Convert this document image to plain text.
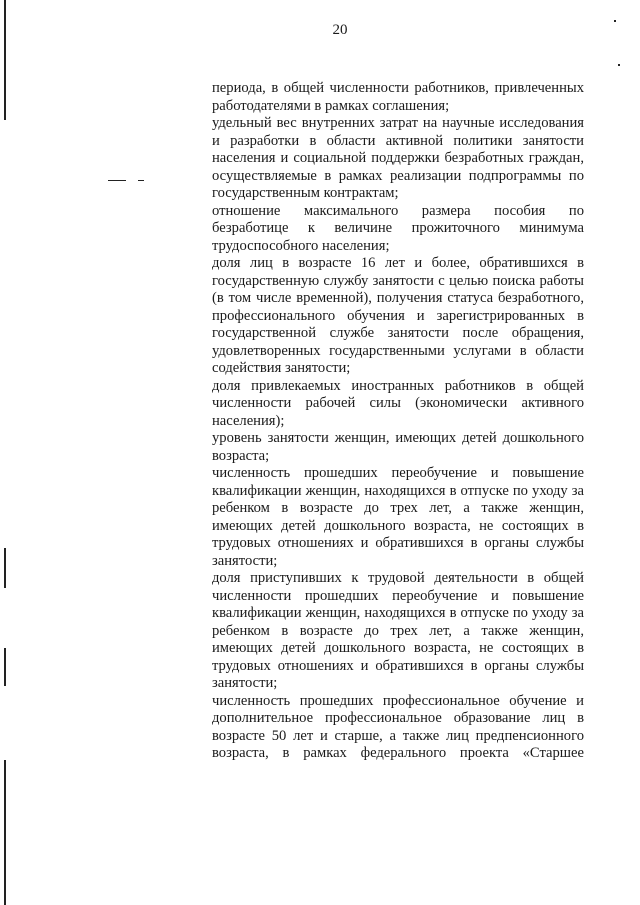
20

периода, в общей численности работников, привлеченных работодателями в рамках соглашения;

удельный вес внутренних затрат на научные исследования и разработки в области активной политики занятости населения и социальной поддержки безработных граждан, осуществляемые в рамках реализации подпрограммы по государственным контрактам;

отношение максимального размера пособия по безработице к величине прожиточного минимума трудоспособного населения;

доля лиц в возрасте 16 лет и более, обратившихся в государственную службу занятости с целью поиска работы (в том числе временной), получения статуса безработного, профессионального обучения и зарегистрированных в государственной службе занятости после обращения, удовлетворенных государственными услугами в области содействия занятости;

доля привлекаемых иностранных работников в общей численности рабочей силы (экономически активного населения);

уровень занятости женщин, имеющих детей дошкольного возраста;

численность прошедших переобучение и повышение квалификации женщин, находящихся в отпуске по уходу за ребенком в возрасте до трех лет, а также женщин, имеющих детей дошкольного возраста, не состоящих в трудовых отношениях и обратившихся в органы службы занятости;

доля приступивших к трудовой деятельности в общей численности прошедших переобучение и повышение квалификации женщин, находящихся в отпуске по уходу за ребенком в возрасте до трех лет, а также женщин, имеющих детей дошкольного возраста, не состоящих в трудовых отношениях и обратившихся в органы службы занятости;

численность прошедших профессиональное обучение и дополнительное профессиональное образование лиц в возрасте 50 лет и старше, а также лиц предпенсионного возраста, в рамках федерального проекта «Старшее
